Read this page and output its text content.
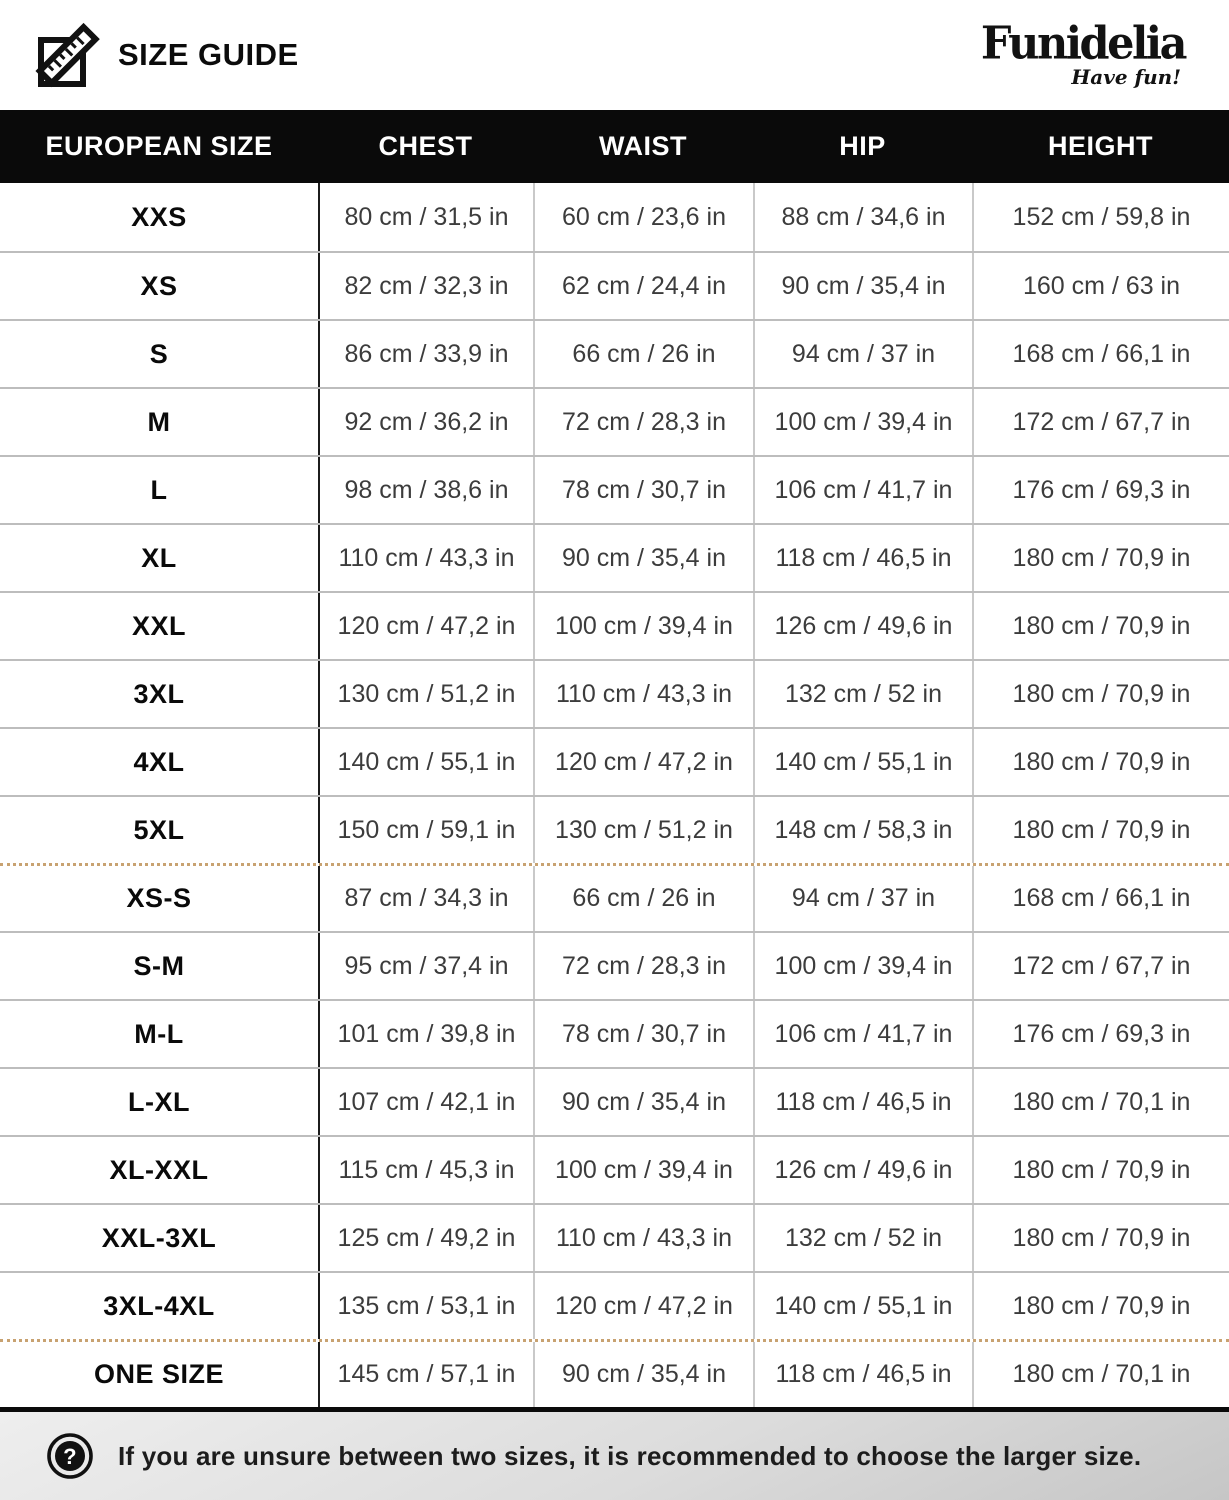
SIZE GUIDE	Funidelia
Have fun!
EUROPEAN SIZE	CHEST	WAIST	HIP	HEIGHT
XXS	80 cm / 31,5 in	60 cm / 23,6 in	88 cm / 34,6 in	152 cm / 59,8 in
XS	82 cm / 32,3 in	62 cm / 24,4 in	90 cm / 35,4 in	160 cm / 63 in
S	86 cm / 33,9 in	66 cm / 26 in	94 cm / 37 in	168 cm / 66,1 in
M	92 cm / 36,2 in	72 cm / 28,3 in	100 cm / 39,4 in	172 cm / 67,7 in
L	98 cm / 38,6 in	78 cm / 30,7 in	106 cm / 41,7 in	176 cm / 69,3 in
XL	110 cm / 43,3 in	90 cm / 35,4 in	118 cm / 46,5 in	180 cm / 70,9 in
XXL	120 cm / 47,2 in	100 cm / 39,4 in	126 cm / 49,6 in	180 cm / 70,9 in
3XL	130 cm / 51,2 in	110 cm / 43,3 in	132 cm / 52 in	180 cm / 70,9 in
4XL	140 cm / 55,1 in	120 cm / 47,2 in	140 cm / 55,1 in	180 cm / 70,9 in
5XL	150 cm / 59,1 in	130 cm / 51,2 in	148 cm / 58,3 in	180 cm / 70,9 in
XS-S	87 cm / 34,3 in	66 cm / 26 in	94 cm / 37 in	168 cm / 66,1 in
S-M	95 cm / 37,4 in	72 cm / 28,3 in	100 cm / 39,4 in	172 cm / 67,7 in
M-L	101 cm / 39,8 in	78 cm / 30,7 in	106 cm / 41,7 in	176 cm / 69,3 in
L-XL	107 cm / 42,1 in	90 cm / 35,4 in	118 cm / 46,5 in	180 cm / 70,1 in
XL-XXL	115 cm / 45,3 in	100 cm / 39,4 in	126 cm / 49,6 in	180 cm / 70,9 in
XXL-3XL	125 cm / 49,2 in	110 cm / 43,3 in	132 cm / 52 in	180 cm / 70,9 in
3XL-4XL	135 cm / 53,1 in	120 cm / 47,2 in	140 cm / 55,1 in	180 cm / 70,9 in
ONE SIZE	145 cm / 57,1 in	90 cm / 35,4 in	118 cm / 46,5 in	180 cm / 70,1 in
? If you are unsure between two sizes, it is recommended to choose the larger size.
